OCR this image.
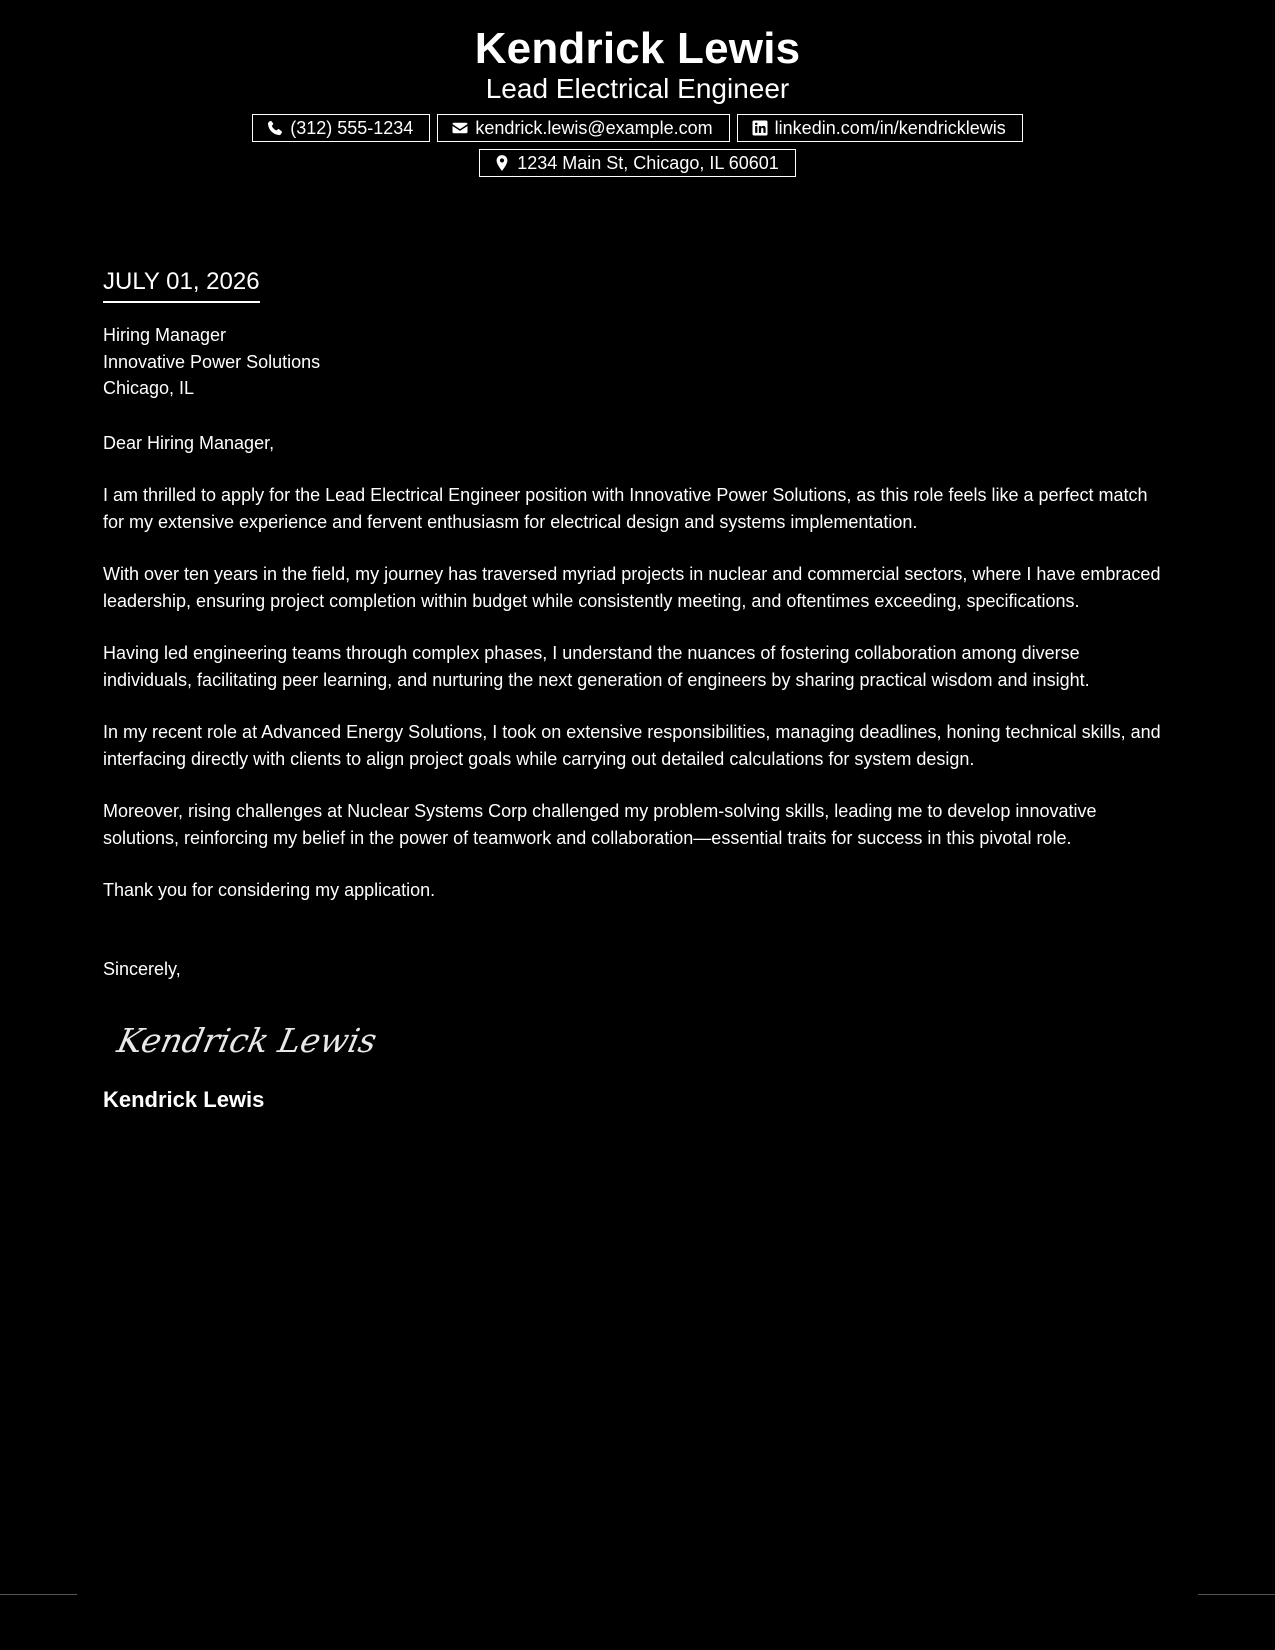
Kendrick Lewis
Lead Electrical Engineer
(312) 555-1234	kendrick.lewis@example.com	linkedin.com/in/kendricklewis
1234 Main St, Chicago, IL 60601
JULY 01, 2026
Hiring Manager
Innovative Power Solutions
Chicago, IL
Dear Hiring Manager,
I am thrilled to apply for the Lead Electrical Engineer position with Innovative Power Solutions, as this role feels like a perfect match for my extensive experience and fervent enthusiasm for electrical design and systems implementation.
With over ten years in the field, my journey has traversed myriad projects in nuclear and commercial sectors, where I have embraced leadership, ensuring project completion within budget while consistently meeting, and oftentimes exceeding, specifications.
Having led engineering teams through complex phases, I understand the nuances of fostering collaboration among diverse individuals, facilitating peer learning, and nurturing the next generation of engineers by sharing practical wisdom and insight.
In my recent role at Advanced Energy Solutions, I took on extensive responsibilities, managing deadlines, honing technical skills, and interfacing directly with clients to align project goals while carrying out detailed calculations for system design.
Moreover, rising challenges at Nuclear Systems Corp challenged my problem-solving skills, leading me to develop innovative solutions, reinforcing my belief in the power of teamwork and collaboration—essential traits for success in this pivotal role.
Thank you for considering my application.
Sincerely,
Kendrick Lewis
Kendrick Lewis
